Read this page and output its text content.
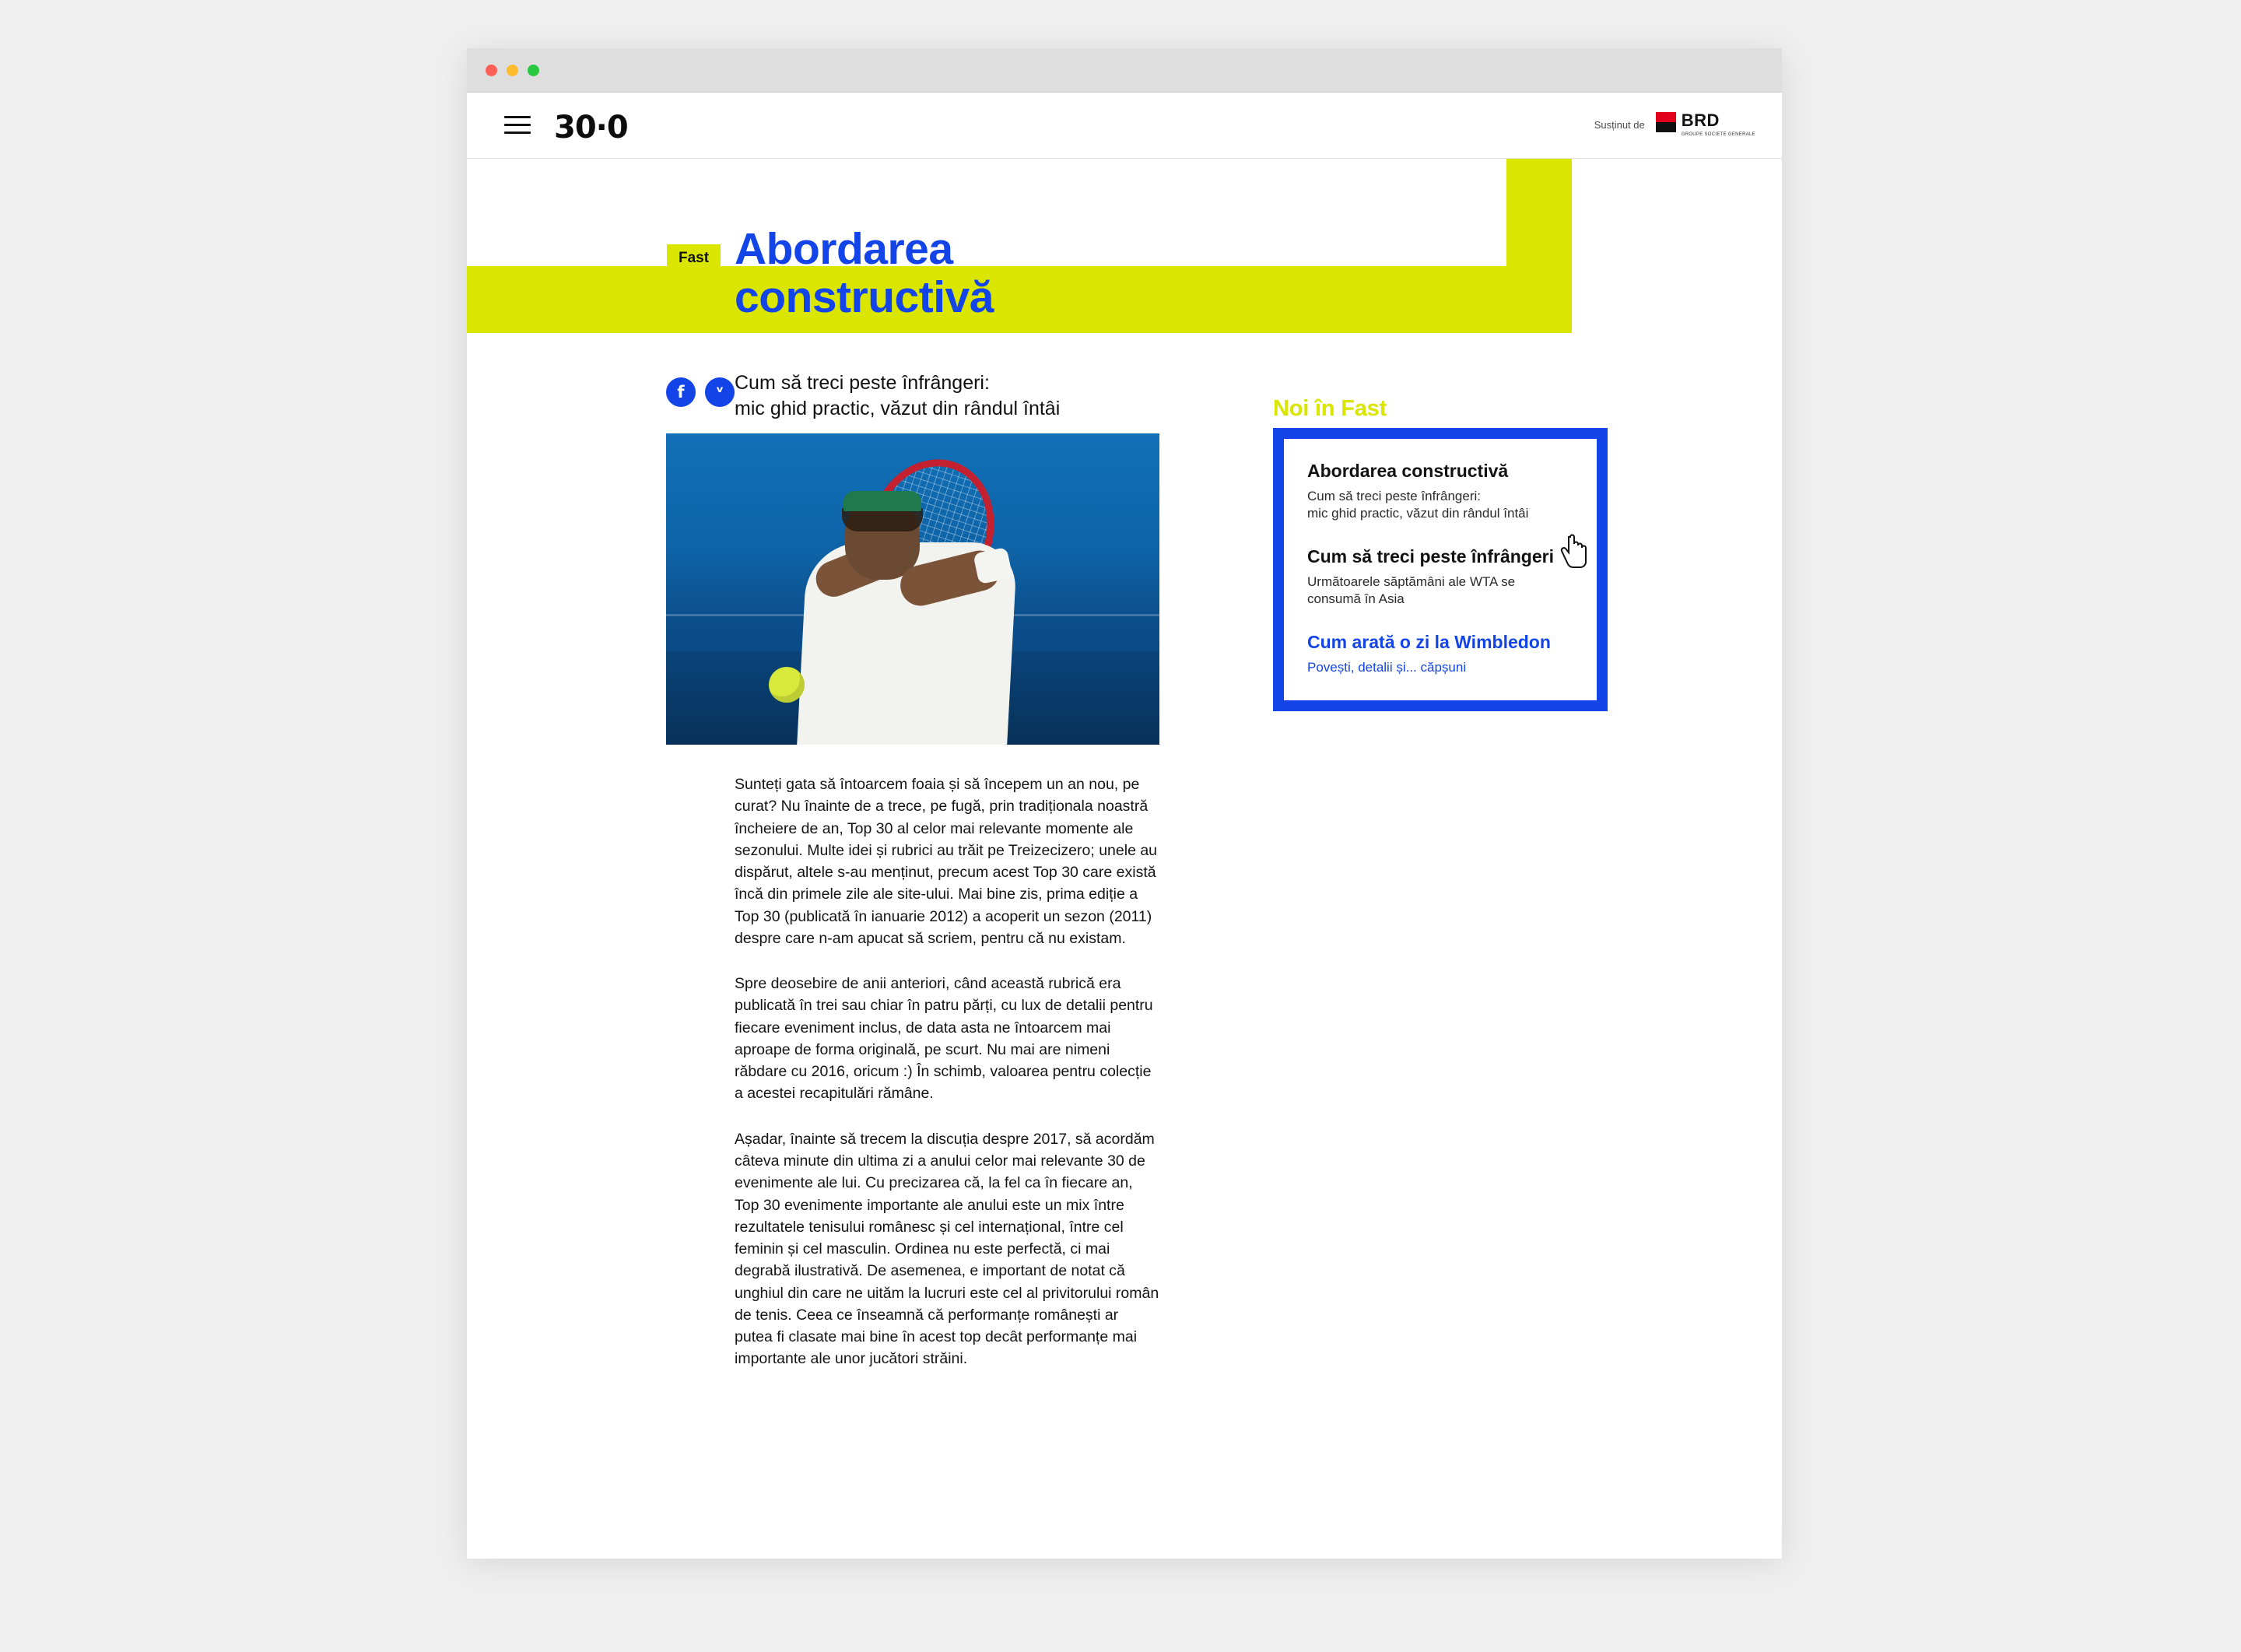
30·0	Susținut de BRD
GROUPE SOCIETE GENERALE
Fast Abordarea
constructivă
f	ᵛ Cum să treci peste înfrângeri:
mic ghid practic, văzut din rândul întâi

Sunteți gata să întoarcem foaia și să începem un an nou, pe curat? Nu înainte de a trece, pe fugă, prin tradiționala noastră încheiere de an, Top 30 al celor mai relevante momente ale sezonului. Multe idei și rubrici au trăit pe Treizecizero; unele au dispărut, altele s-au menținut, precum acest Top 30 care există încă din primele zile ale site-ului. Mai bine zis, prima ediție a Top 30 (publicată în ianuarie 2012) a acoperit un sezon (2011) despre care n-am apucat să scriem, pentru că nu existam.

Spre deosebire de anii anteriori, când această rubrică era publicată în trei sau chiar în patru părți, cu lux de detalii pentru fiecare eveniment inclus, de data asta ne întoarcem mai aproape de forma originală, pe scurt. Nu mai are nimeni răbdare cu 2016, oricum :) În schimb, valoarea pentru colecție a acestei recapitulări rămâne.

Așadar, înainte să trecem la discuția despre 2017, să acordăm câteva minute din ultima zi a anului celor mai relevante 30 de evenimente ale lui. Cu precizarea că, la fel ca în fiecare an, Top 30 evenimente importante ale anului este un mix între rezultatele tenisului românesc și cel internațional, între cel feminin și cel masculin. Ordinea nu este perfectă, ci mai degrabă ilustrativă. De asemenea, e important de notat că unghiul din care ne uităm la lucruri este cel al privitorului român de tenis. Ceea ce înseamnă că performanțe românești ar putea fi clasate mai bine în acest top decât performanțe mai importante ale unor jucători străini.

Noi în Fast
Abordarea constructivă
Cum să treci peste înfrângeri:
mic ghid practic, văzut din rândul întâi
Cum să treci peste înfrângeri
Următoarele săptămâni ale WTA se
consumă în Asia
Cum arată o zi la Wimbledon
Povești, detalii și... căpșuni
